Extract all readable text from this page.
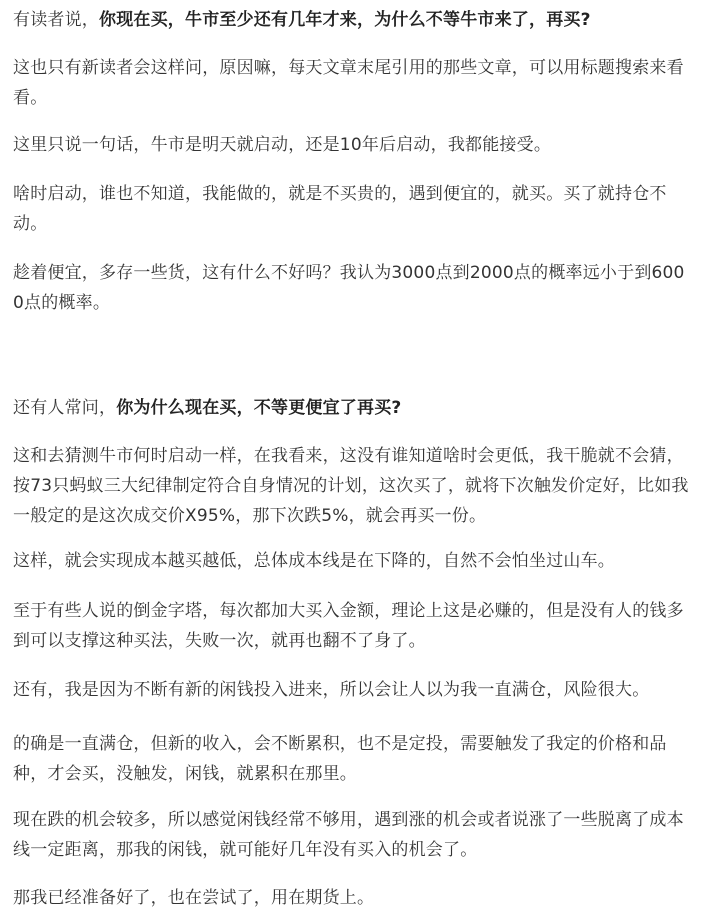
有读者说，你现在买，牛市至少还有几年才来，为什么不等牛市来了，再买?

这也只有新读者会这样问，原因嘛，每天文章末尾引用的那些文章，可以用标题搜索来看看。

这里只说一句话，牛市是明天就启动，还是10年后启动，我都能接受。

啥时启动，谁也不知道，我能做的，就是不买贵的，遇到便宜的，就买。买了就持仓不动。

趁着便宜，多存一些货，这有什么不好吗？我认为3000点到2000点的概率远小于到6000点的概率。

还有人常问，你为什么现在买，不等更便宜了再买?

这和去猜测牛市何时启动一样，在我看来，这没有谁知道啥时会更低，我干脆就不会猜，按73只蚂蚁三大纪律制定符合自身情况的计划，这次买了，就将下次触发价定好，比如我一般定的是这次成交价X95%，那下次跌5%，就会再买一份。

这样，就会实现成本越买越低，总体成本线是在下降的，自然不会怕坐过山车。

至于有些人说的倒金字塔，每次都加大买入金额，理论上这是必赚的，但是没有人的钱多到可以支撑这种买法，失败一次，就再也翻不了身了。

还有，我是因为不断有新的闲钱投入进来，所以会让人以为我一直满仓，风险很大。

的确是一直满仓，但新的收入，会不断累积，也不是定投，需要触发了我定的价格和品种，才会买，没触发，闲钱，就累积在那里。

现在跌的机会较多，所以感觉闲钱经常不够用，遇到涨的机会或者说涨了一些脱离了成本线一定距离，那我的闲钱，就可能好几年没有买入的机会了。

那我已经准备好了，也在尝试了，用在期货上。
